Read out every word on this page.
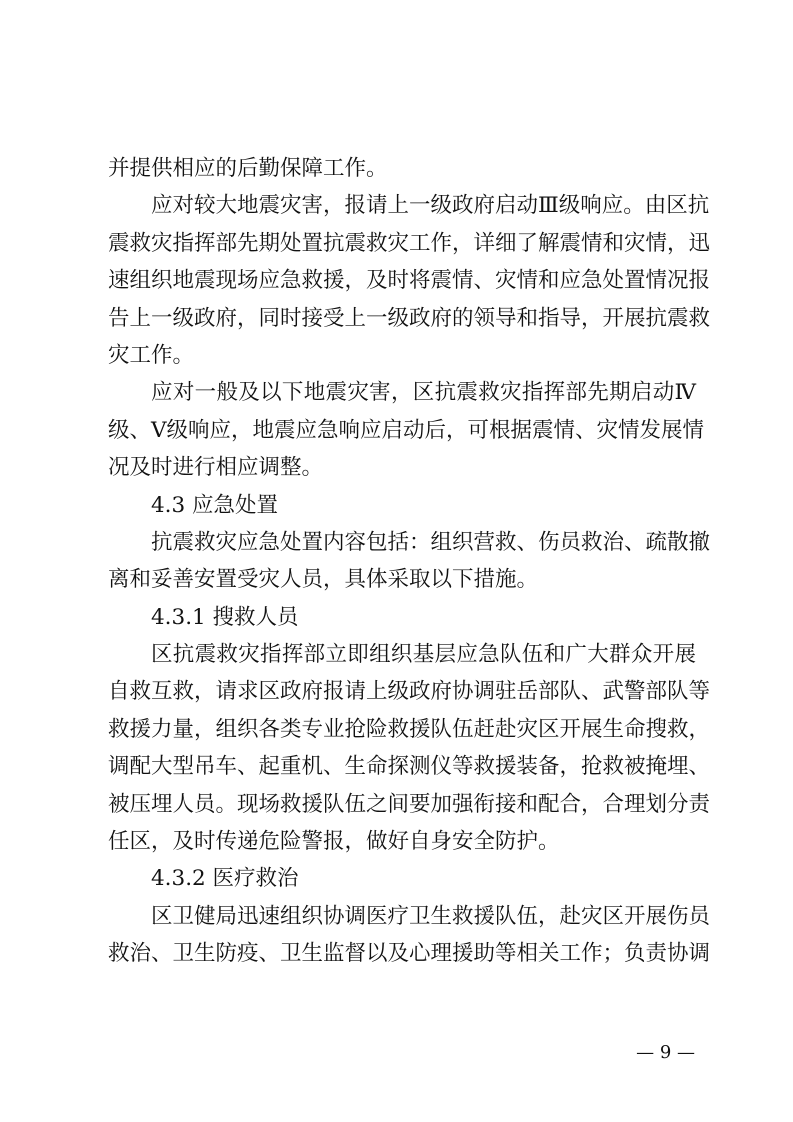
并提供相应的后勤保障工作。
应对较大地震灾害，报请上一级政府启动Ⅲ级响应。由区抗
震救灾指挥部先期处置抗震救灾工作，详细了解震情和灾情，迅
速组织地震现场应急救援，及时将震情、灾情和应急处置情况报
告上一级政府，同时接受上一级政府的领导和指导，开展抗震救
灾工作。
应对一般及以下地震灾害，区抗震救灾指挥部先期启动Ⅳ
级、Ⅴ级响应，地震应急响应启动后，可根据震情、灾情发展情
况及时进行相应调整。
4.3 应急处置
抗震救灾应急处置内容包括：组织营救、伤员救治、疏散撤
离和妥善安置受灾人员，具体采取以下措施。
4.3.1 搜救人员
区抗震救灾指挥部立即组织基层应急队伍和广大群众开展
自救互救，请求区政府报请上级政府协调驻岳部队、武警部队等
救援力量，组织各类专业抢险救援队伍赶赴灾区开展生命搜救，
调配大型吊车、起重机、生命探测仪等救援装备，抢救被掩埋、
被压埋人员。现场救援队伍之间要加强衔接和配合，合理划分责
任区，及时传递危险警报，做好自身安全防护。
4.3.2 医疗救治
区卫健局迅速组织协调医疗卫生救援队伍，赴灾区开展伤员
救治、卫生防疫、卫生监督以及心理援助等相关工作；负责协调
— 9 —
